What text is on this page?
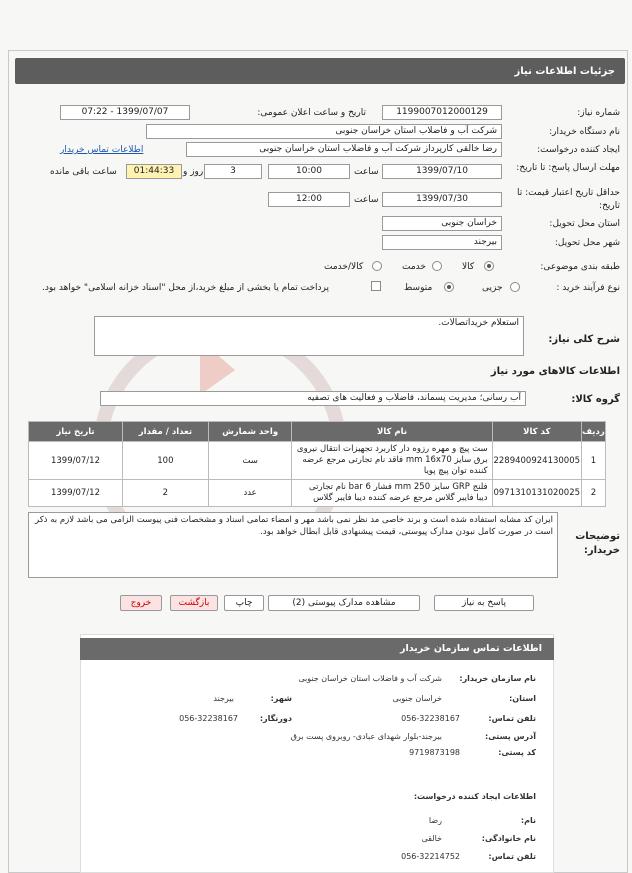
جزئیات اطلاعات نیاز
شماره نیاز:
1199007012000129
تاریخ و ساعت اعلان عمومی:
1399/07/07 - 07:22
نام دستگاه خریدار:
شرکت آب و فاضلاب استان خراسان جنوبی
ایجاد کننده درخواست:
رضا خالقی کارپرداز شرکت آب و فاضلاب استان خراسان جنوبی
اطلاعات تماس خریدار
مهلت ارسال پاسخ: تا تاریخ:
1399/07/10
ساعت
10:00
3
روز و
01:44:33
ساعت باقی مانده
حداقل تاریخ اعتبار قیمت: تا تاریخ:
1399/07/30
ساعت
12:00
استان محل تحویل:
خراسان جنوبی
شهر محل تحویل:
بیرجند
طبقه بندی موضوعی:
کالا
خدمت
کالا/خدمت
نوع فرآیند خرید :
جزیی
متوسط
پرداخت تمام یا بخشی از مبلغ خرید،از محل "اسناد خزانه اسلامی" خواهد بود.
شرح کلی نیاز:
استعلام خریداتصالات.
اطلاعات کالاهای مورد نیاز
گروه کالا:
آب رسانی؛ مدیریت پسماند، فاضلاب و فعالیت های تصفیه
ردیف	کد کالا	نام کالا	واحد شمارش	تعداد / مقدار	تاریخ نیاز
1	2289400924130005	ست پیچ و مهره رزوه دار کاربرد تجهیزات انتقال نیروی برق سایز mm 16x70 فاقد نام تجارتی مرجع عرضه کننده توان پیچ پویا	ست	100	1399/07/12
2	0971310131020025	فلنج GRP سایز mm 250 فشار bar 6 نام تجارتی دیبا فایبر گلاس مرجع عرضه کننده دیبا فایبر گلاس	عدد	2	1399/07/12
توضیحات خریدار:
ایران کد مشابه استفاده شده است و برند خاصی مد نظر نمی باشد مهر و امضاء تمامی اسناد و مشخصات فنی پیوست الزامی می باشد لازم به ذکر است در صورت کامل نبودن مدارک پیوستی، قیمت پیشنهادی قابل ابطال خواهد بود.
پاسخ به نیاز
مشاهده مدارک پیوستی (2)
چاپ
بازگشت
خروج
اطلاعات تماس سازمان خریدار
نام سازمان خریدار:
شرکت آب و فاضلاب استان خراسان جنوبی
استان:
خراسان جنوبی
شهر:
بیرجند
تلفن تماس:
056-32238167
دورنگار:
056-32238167
آدرس پستی:
بیرجند-بلوار شهدای عبادی- روبروی پست برق
کد پستی:
9719873198
اطلاعات ایجاد کننده درخواست:
نام:
رضا
نام خانوادگی:
خالقی
تلفن تماس:
056-32214752
